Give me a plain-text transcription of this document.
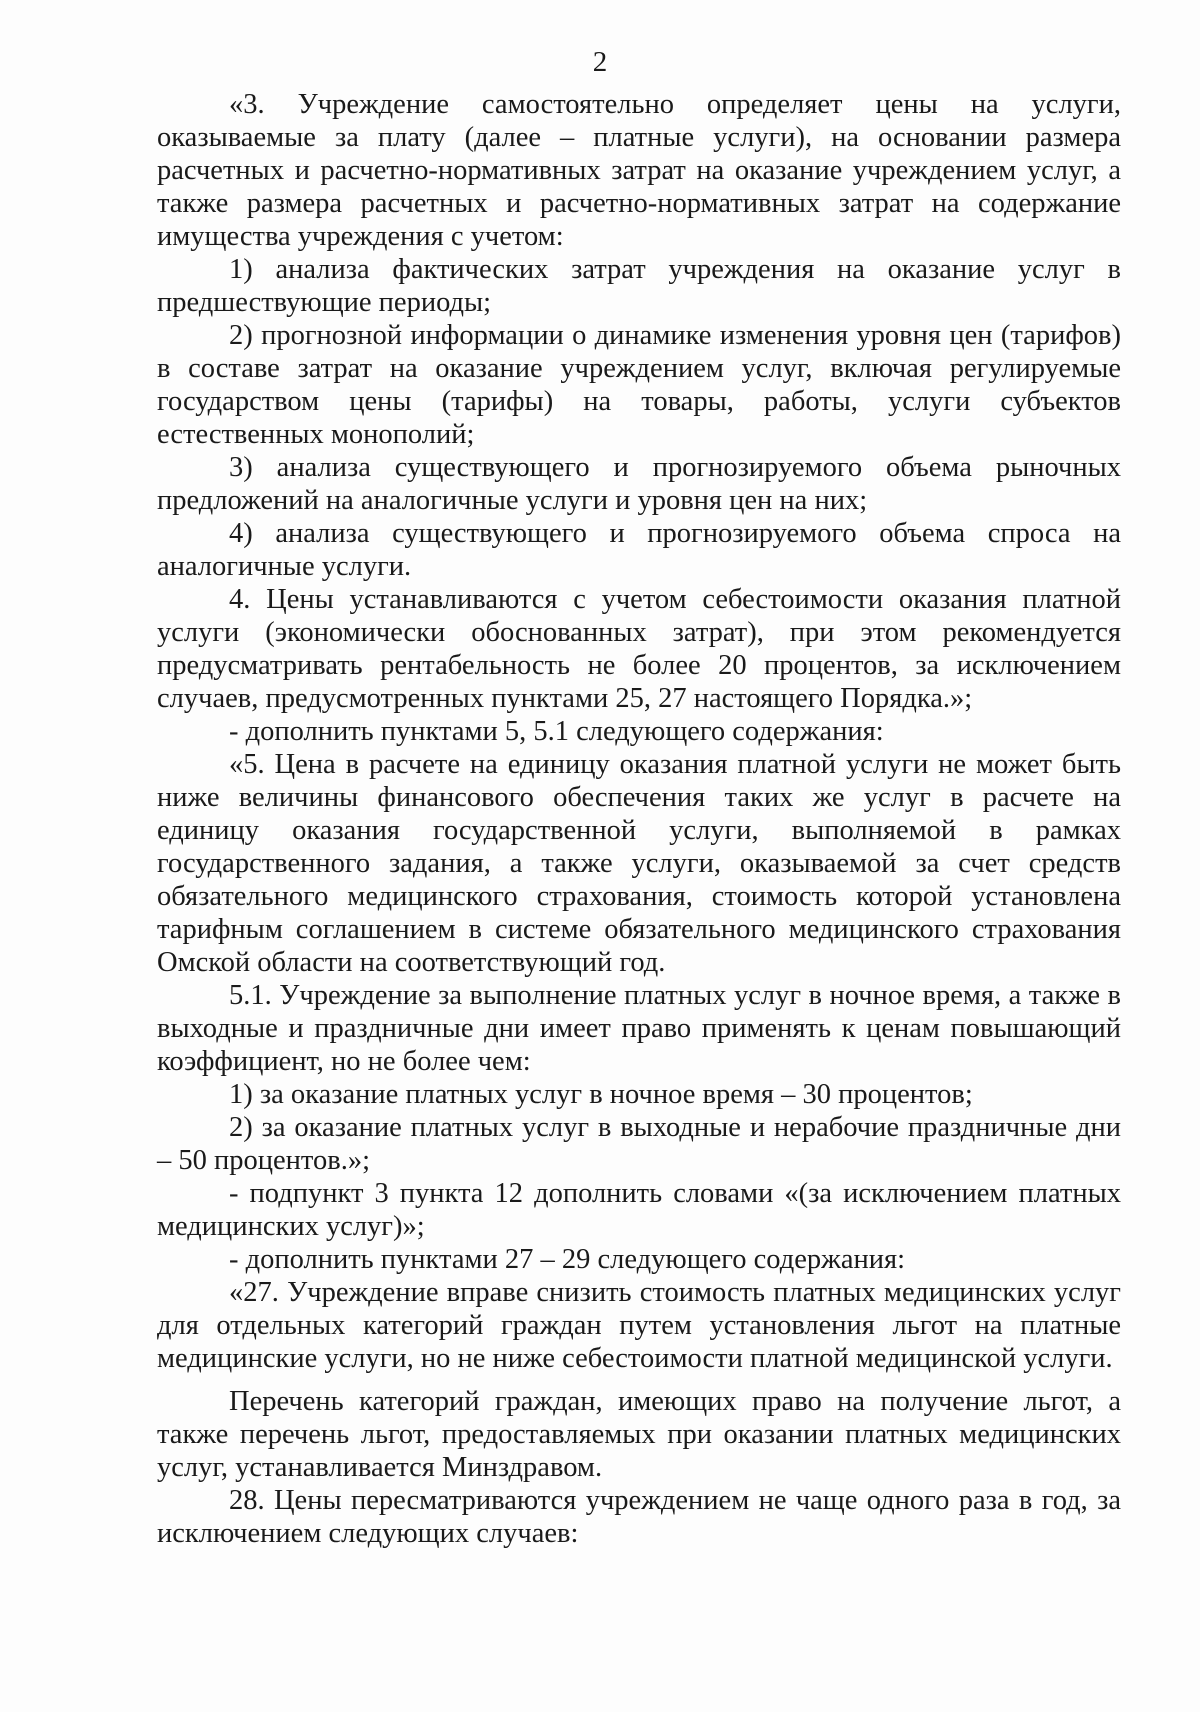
2

«3. Учреждение самостоятельно определяет цены на услуги, оказываемые за плату (далее – платные услуги), на основании размера расчетных и расчетно-нормативных затрат на оказание учреждением услуг, а также размера расчетных и расчетно-нормативных затрат на содержание имущества учреждения с учетом:

1) анализа фактических затрат учреждения на оказание услуг в предшествующие периоды;

2) прогнозной информации о динамике изменения уровня цен (тарифов) в составе затрат на оказание учреждением услуг, включая регулируемые государством цены (тарифы) на товары, работы, услуги субъектов естественных монополий;

3) анализа существующего и прогнозируемого объема рыночных предложений на аналогичные услуги и уровня цен на них;

4) анализа существующего и прогнозируемого объема спроса на аналогичные услуги.

4. Цены устанавливаются с учетом себестоимости оказания платной услуги (экономически обоснованных затрат), при этом рекомендуется предусматривать рентабельность не более 20 процентов, за исключением случаев, предусмотренных пунктами 25, 27 настоящего Порядка.»;

- дополнить пунктами 5, 5.1 следующего содержания:

«5. Цена в расчете на единицу оказания платной услуги не может быть ниже величины финансового обеспечения таких же услуг в расчете на единицу оказания государственной услуги, выполняемой в рамках государственного задания, а также услуги, оказываемой за счет средств обязательного медицинского страхования, стоимость которой установлена тарифным соглашением в системе обязательного медицинского страхования Омской области на соответствующий год.

5.1. Учреждение за выполнение платных услуг в ночное время, а также в выходные и праздничные дни имеет право применять к ценам повышающий коэффициент, но не более чем:

1) за оказание платных услуг в ночное время – 30 процентов;

2) за оказание платных услуг в выходные и нерабочие праздничные дни – 50 процентов.»;

- подпункт 3 пункта 12 дополнить словами «(за исключением платных медицинских услуг)»;

- дополнить пунктами 27 – 29 следующего содержания:

«27. Учреждение вправе снизить стоимость платных медицинских услуг для отдельных категорий граждан путем установления льгот на платные медицинские услуги, но не ниже себестоимости платной медицинской услуги.

Перечень категорий граждан, имеющих право на получение льгот, а также перечень льгот, предоставляемых при оказании платных медицинских услуг, устанавливается Минздравом.

28. Цены пересматриваются учреждением не чаще одного раза в год, за исключением следующих случаев:
